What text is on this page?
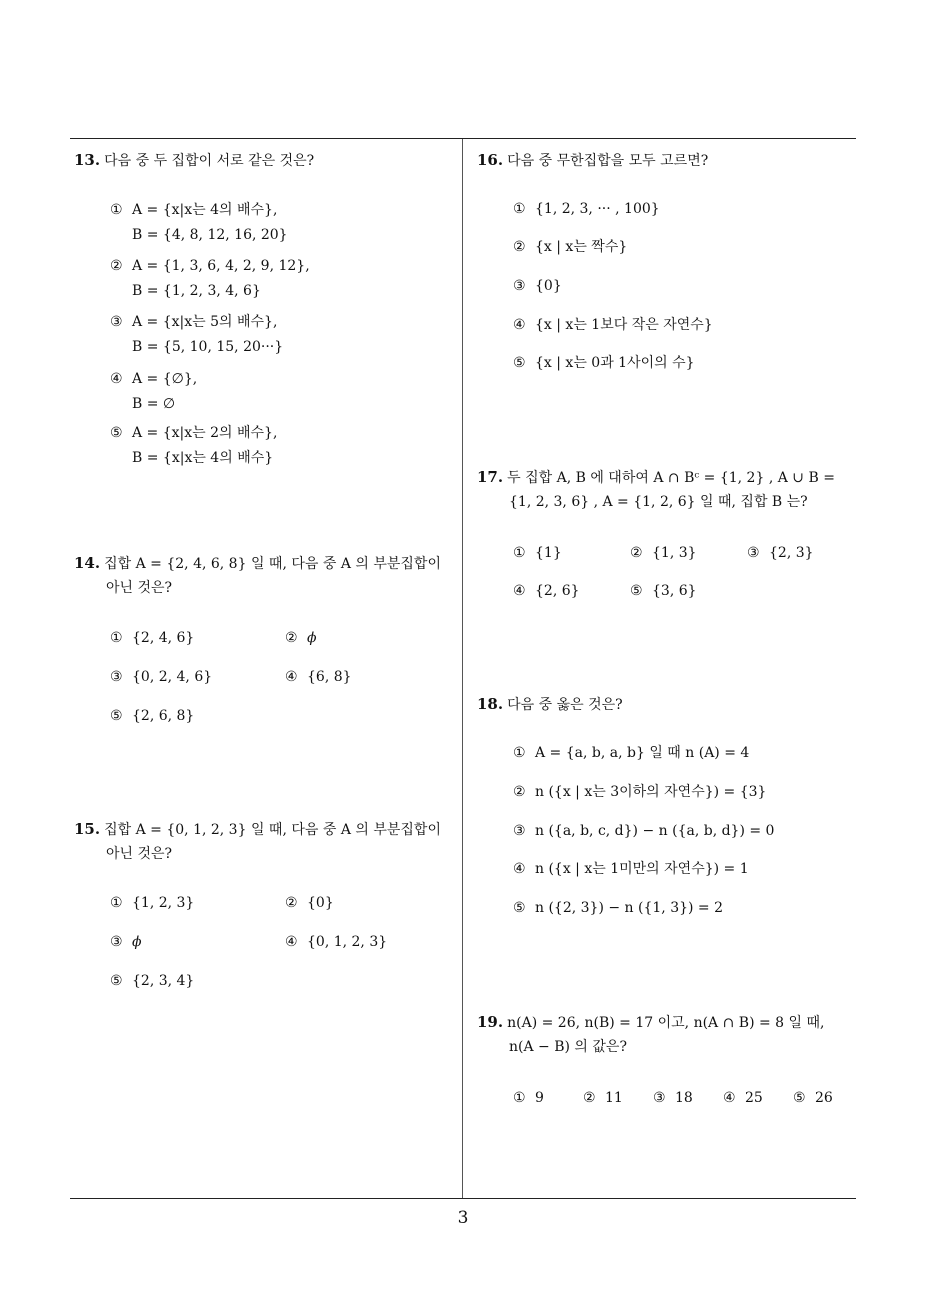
13. 다음 중 두 집합이 서로 같은 것은?
① A = {x|x는 4의 배수},
B = {4, 8, 12, 16, 20}
② A = {1, 3, 6, 4, 2, 9, 12},
B = {1, 2, 3, 4, 6}
③ A = {x|x는 5의 배수},
B = {5, 10, 15, 20···}
④ A = {∅},
B = ∅
⑤ A = {x|x는 2의 배수},
B = {x|x는 4의 배수}
14. 집합 A = {2, 4, 6, 8} 일 때, 다음 중 A 의 부분집합이
아닌 것은?
① {2, 4, 6}	② ϕ
③ {0, 2, 4, 6}	④ {6, 8}
⑤ {2, 6, 8}
15. 집합 A = {0, 1, 2, 3} 일 때, 다음 중 A 의 부분집합이
아닌 것은?
① {1, 2, 3}	② {0}
③ ϕ	④ {0, 1, 2, 3}
⑤ {2, 3, 4}
16. 다음 중 무한집합을 모두 고르면?
① {1, 2, 3, ··· , 100}
② {x | x는 짝수}
③ {0}
④ {x | x는 1보다 작은 자연수}
⑤ {x | x는 0과 1사이의 수}
17. 두 집합 A, B 에 대하여 A ∩ Bᶜ = {1, 2} , A ∪ B =
{1, 2, 3, 6} , A = {1, 2, 6} 일 때, 집합 B 는?
① {1}	② {1, 3}	③ {2, 3}
④ {2, 6}	⑤ {3, 6}
18. 다음 중 옳은 것은?
① A = {a, b, a, b} 일 때 n (A) = 4
② n ({x | x는 3이하의 자연수}) = {3}
③ n ({a, b, c, d}) − n ({a, b, d}) = 0
④ n ({x | x는 1미만의 자연수}) = 1
⑤ n ({2, 3}) − n ({1, 3}) = 2
19. n(A) = 26, n(B) = 17 이고, n(A ∩ B) = 8 일 때,
n(A − B) 의 값은?
① 9	② 11 ③ 18 ④ 25 ⑤ 26
3
